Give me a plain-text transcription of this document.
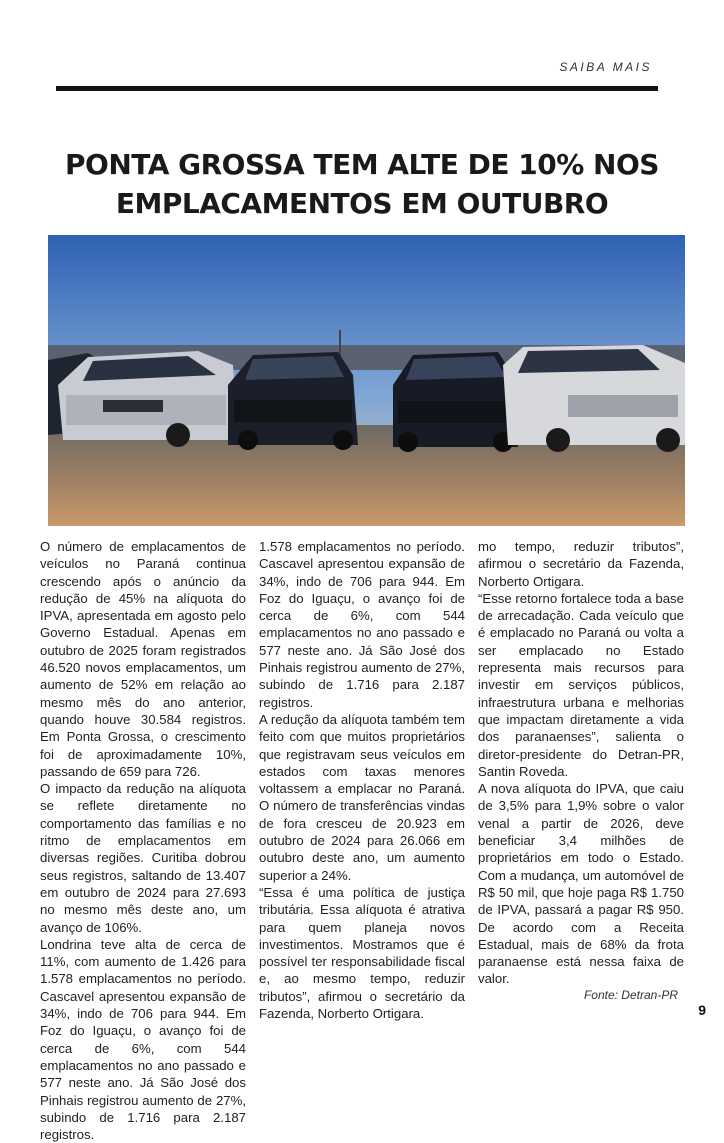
SAIBA MAIS
PONTA GROSSA TEM ALTE DE 10% NOS EMPLACAMENTOS EM OUTUBRO

O número de emplacamentos de veículos no Paraná continua crescendo após o anúncio da redução de 45% na alíquota do IPVA, apresentada em agosto pelo Governo Estadual. Apenas em outubro de 2025 foram registrados 46.520 novos emplacamentos, um aumento de 52% em relação ao mesmo mês do ano anterior, quando houve 30.584 registros. Em Ponta Grossa, o crescimento foi de aproximadamente 10%, passando de 659 para 726.

O impacto da redução na alíquota se reflete diretamente no comportamento das famílias e no ritmo de emplacamentos em diversas regiões. Curitiba dobrou seus registros, saltando de 13.407 em outubro de 2024 para 27.693 no mesmo mês deste ano, um avanço de 106%.

Londrina teve alta de cerca de 11%, com aumento de 1.426 para 1.578 emplacamentos no período. Cascavel apresentou expansão de 34%, indo de 706 para 944. Em Foz do Iguaçu, o avanço foi de cerca de 6%, com 544 emplacamentos no ano passado e 577 neste ano. Já São José dos Pinhais registrou aumento de 27%, subindo de 1.716 para 2.187 registros.

1.578 emplacamentos no período. Cascavel apresentou expansão de 34%, indo de 706 para 944. Em Foz do Iguaçu, o avanço foi de cerca de 6%, com 544 emplacamentos no ano passado e 577 neste ano. Já São José dos Pinhais registrou aumento de 27%, subindo de 1.716 para 2.187 registros.

A redução da alíquota também tem feito com que muitos proprietários que registravam seus veículos em estados com taxas menores voltassem a emplacar no Paraná. O número de transferências vindas de fora cresceu de 20.923 em outubro de 2024 para 26.066 em outubro deste ano, um aumento superior a 24%.

“Essa é uma política de justiça tributária. Essa alíquota é atrativa para quem planeja novos investimentos. Mostramos que é possível ter responsabilidade fiscal e, ao mesmo tempo, reduzir tributos”, afirmou o secretário da Fazenda, Norberto Ortigara.

mo tempo, reduzir tributos”, afirmou o secretário da Fazenda, Norberto Ortigara.

“Esse retorno fortalece toda a base de arrecadação. Cada veículo que é emplacado no Paraná ou volta a ser emplacado no Estado representa mais recursos para investir em serviços públicos, infraestrutura urbana e melhorias que impactam diretamente a vida dos paranaenses”, salienta o diretor-presidente do Detran-PR, Santin Roveda.

A nova alíquota do IPVA, que caiu de 3,5% para 1,9% sobre o valor venal a partir de 2026, deve beneficiar 3,4 milhões de proprietários em todo o Estado. Com a mudança, um automóvel de R$ 50 mil, que hoje paga R$ 1.750 de IPVA, passará a pagar R$ 950. De acordo com a Receita Estadual, mais de 68% da frota paranaense está nessa faixa de valor.

Fonte: Detran-PR
9
